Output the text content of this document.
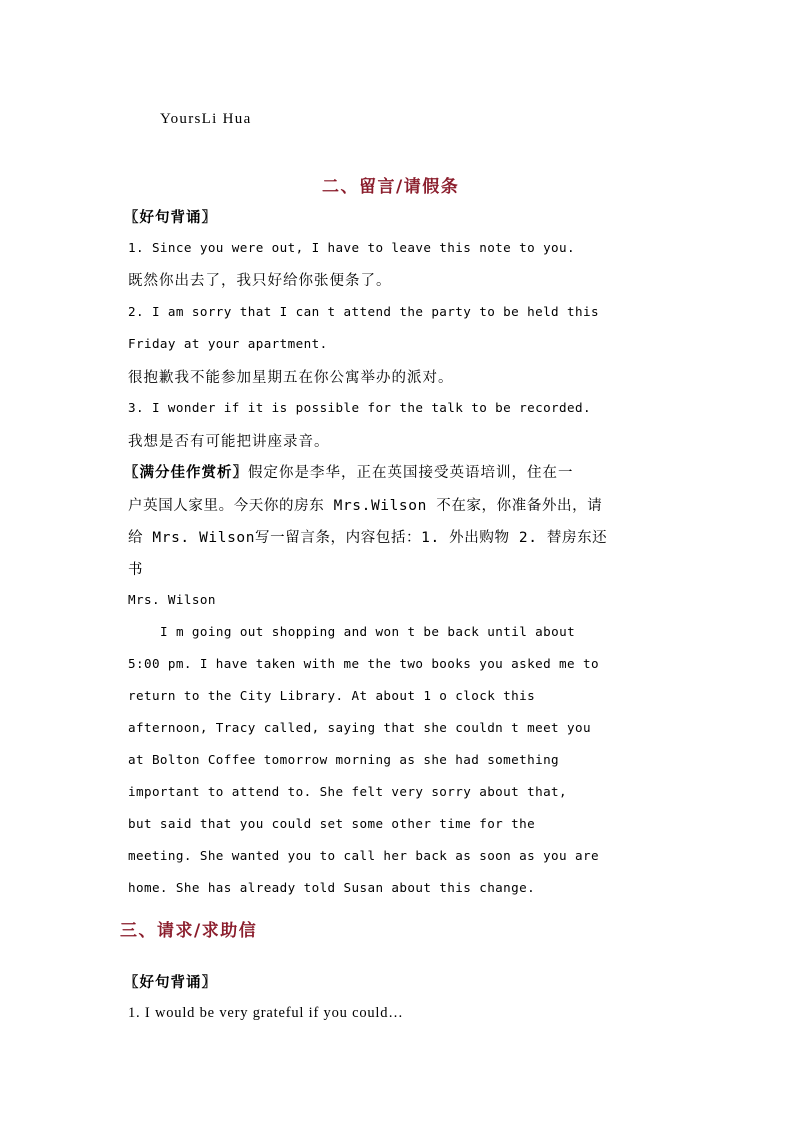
YoursLi Hua
二、留言/请假条
〖好句背诵〗
1. Since you were out, I have to leave this note to you.
既然你出去了，我只好给你张便条了。
2. I am sorry that I can t attend the party to be held this
Friday at your apartment.
很抱歉我不能参加星期五在你公寓举办的派对。
3. I wonder if it is possible for the talk to be recorded.
我想是否有可能把讲座录音。
〖满分佳作赏析〗假定你是李华，正在英国接受英语培训，住在一
户英国人家里。今天你的房东 Mrs.Wilson 不在家，你准备外出，请
给 Mrs. Wilson写一留言条，内容包括：1. 外出购物 2. 替房东还
书
Mrs. Wilson
I m going out shopping and won t be back until about
5:00 pm. I have taken with me the two books you asked me to
return to the City Library. At about 1 o clock this
afternoon, Tracy called, saying that she couldn t meet you
at Bolton Coffee tomorrow morning as she had something
important to attend to. She felt very sorry about that,
but said that you could set some other time for the
meeting. She wanted you to call her back as soon as you are
home. She has already told Susan about this change.
三、请求/求助信
〖好句背诵〗
1. I would be very grateful if you could…
